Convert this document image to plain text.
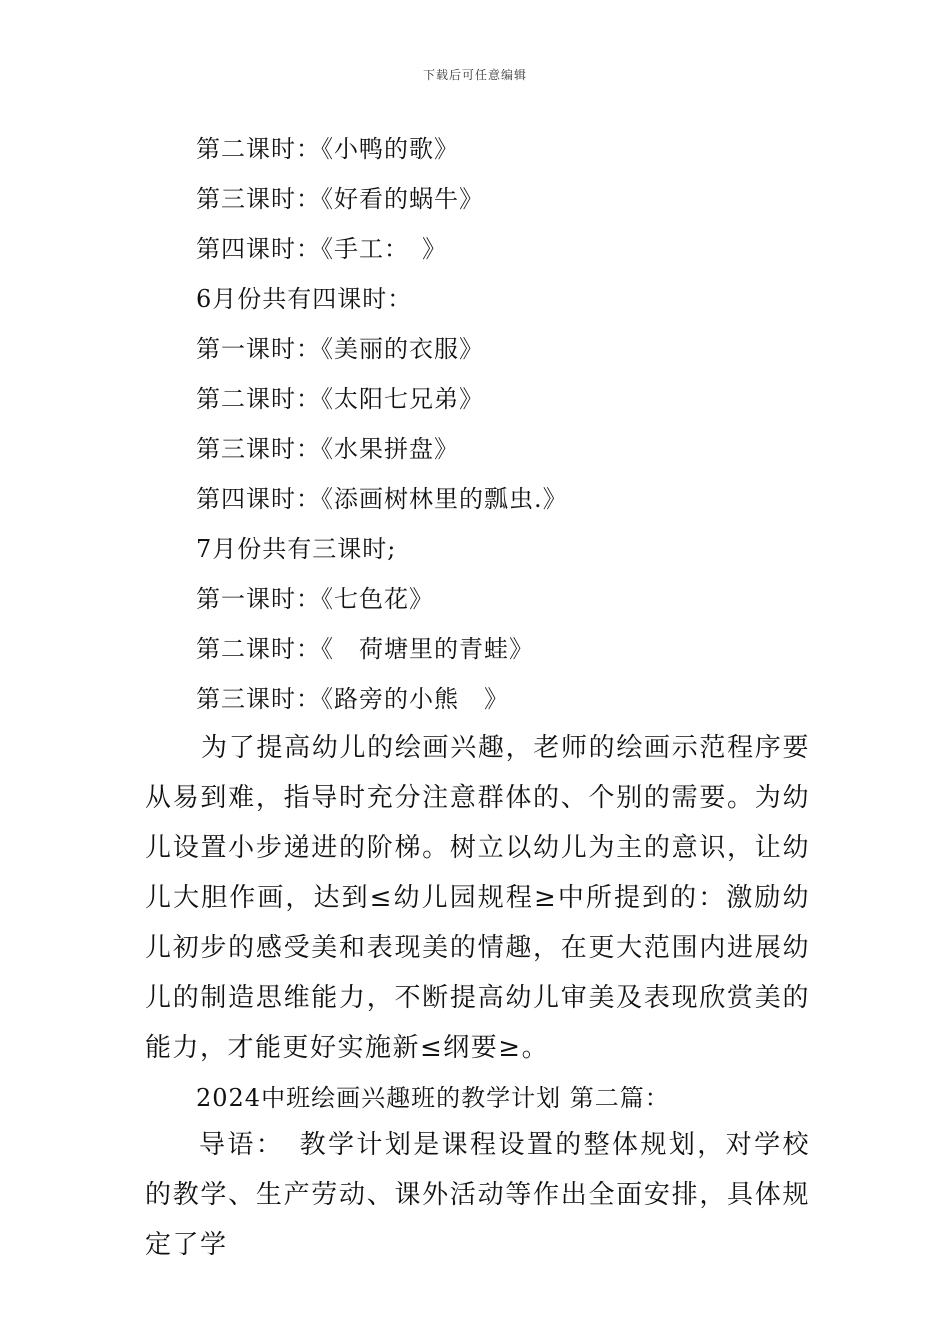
下载后可任意编辑
第二课时：《小鸭的歌》
第三课时：《好看的蜗牛》
第四课时：《手工：　》
6月份共有四课时：
第一课时：《美丽的衣服》
第二课时：《太阳七兄弟》
第三课时：《水果拼盘》
第四课时：《添画树林里的瓢虫.》
7月份共有三课时;
第一课时：《七色花》
第二课时：《　荷塘里的青蛙》
第三课时：《路旁的小熊　》
为了提高幼儿的绘画兴趣，老师的绘画示范程序要从易到难，指导时充分注意群体的、个别的需要。为幼儿设置小步递进的阶梯。树立以幼儿为主的意识，让幼儿大胆作画，达到≤幼儿园规程≥中所提到的：激励幼儿初步的感受美和表现美的情趣，在更大范围内进展幼儿的制造思维能力，不断提高幼儿审美及表现欣赏美的能力，才能更好实施新≤纲要≥。
2024中班绘画兴趣班的教学计划 第二篇：
导语：　教学计划是课程设置的整体规划，对学校的教学、生产劳动、课外活动等作出全面安排，具体规定了学
